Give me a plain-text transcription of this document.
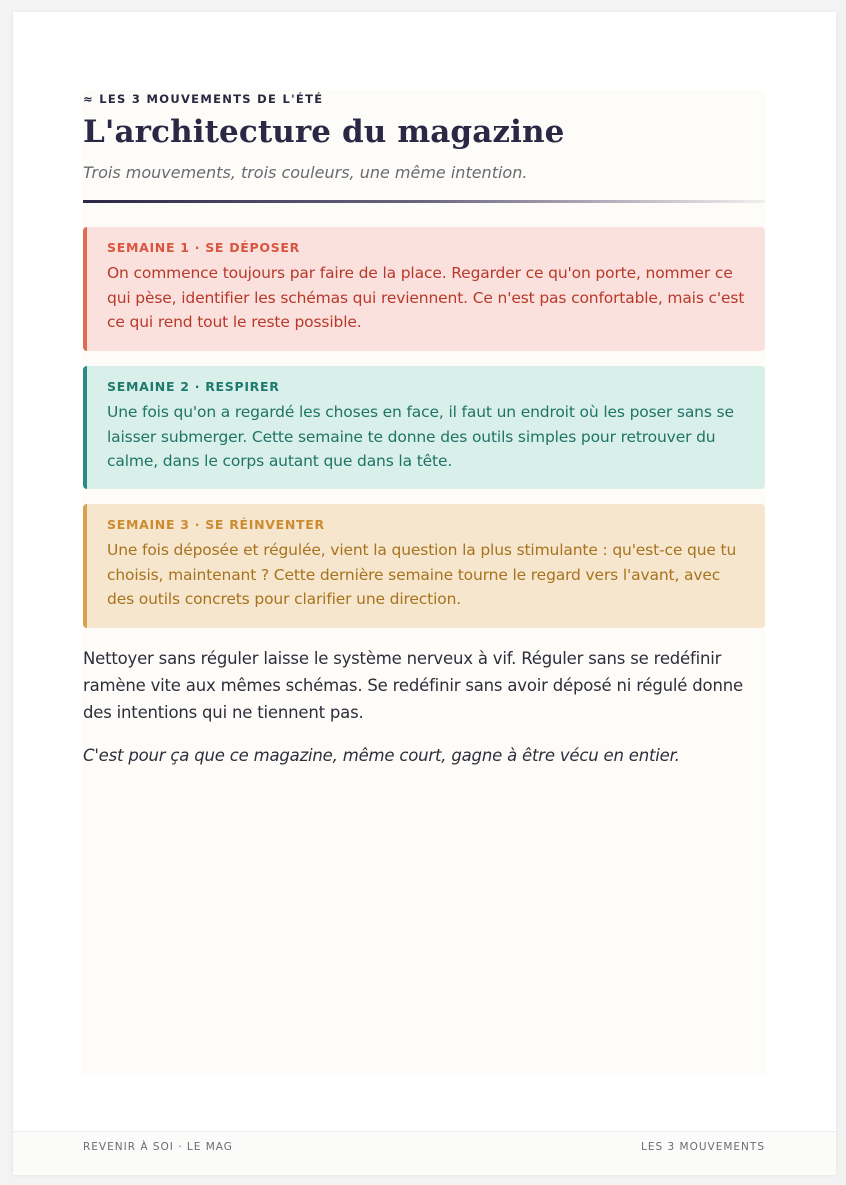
≈ LES 3 MOUVEMENTS DE L'ÉTÉ
L'architecture du magazine
Trois mouvements, trois couleurs, une même intention.

SEMAINE 1 · SE DÉPOSER

On commence toujours par faire de la place. Regarder ce qu'on porte, nommer ce qui pèse, identifier les schémas qui reviennent. Ce n'est pas confortable, mais c'est ce qui rend tout le reste possible.

SEMAINE 2 · RESPIRER

Une fois qu'on a regardé les choses en face, il faut un endroit où les poser sans se laisser submerger. Cette semaine te donne des outils simples pour retrouver du calme, dans le corps autant que dans la tête.

SEMAINE 3 · SE RÉINVENTER

Une fois déposée et régulée, vient la question la plus stimulante : qu'est-ce que tu choisis, maintenant ? Cette dernière semaine tourne le regard vers l'avant, avec des outils concrets pour clarifier une direction.

Nettoyer sans réguler laisse le système nerveux à vif. Réguler sans se redéfinir ramène vite aux mêmes schémas. Se redéfinir sans avoir déposé ni régulé donne des intentions qui ne tiennent pas.

C'est pour ça que ce magazine, même court, gagne à être vécu en entier.

REVENIR À SOI · LE MAG	LES 3 MOUVEMENTS
